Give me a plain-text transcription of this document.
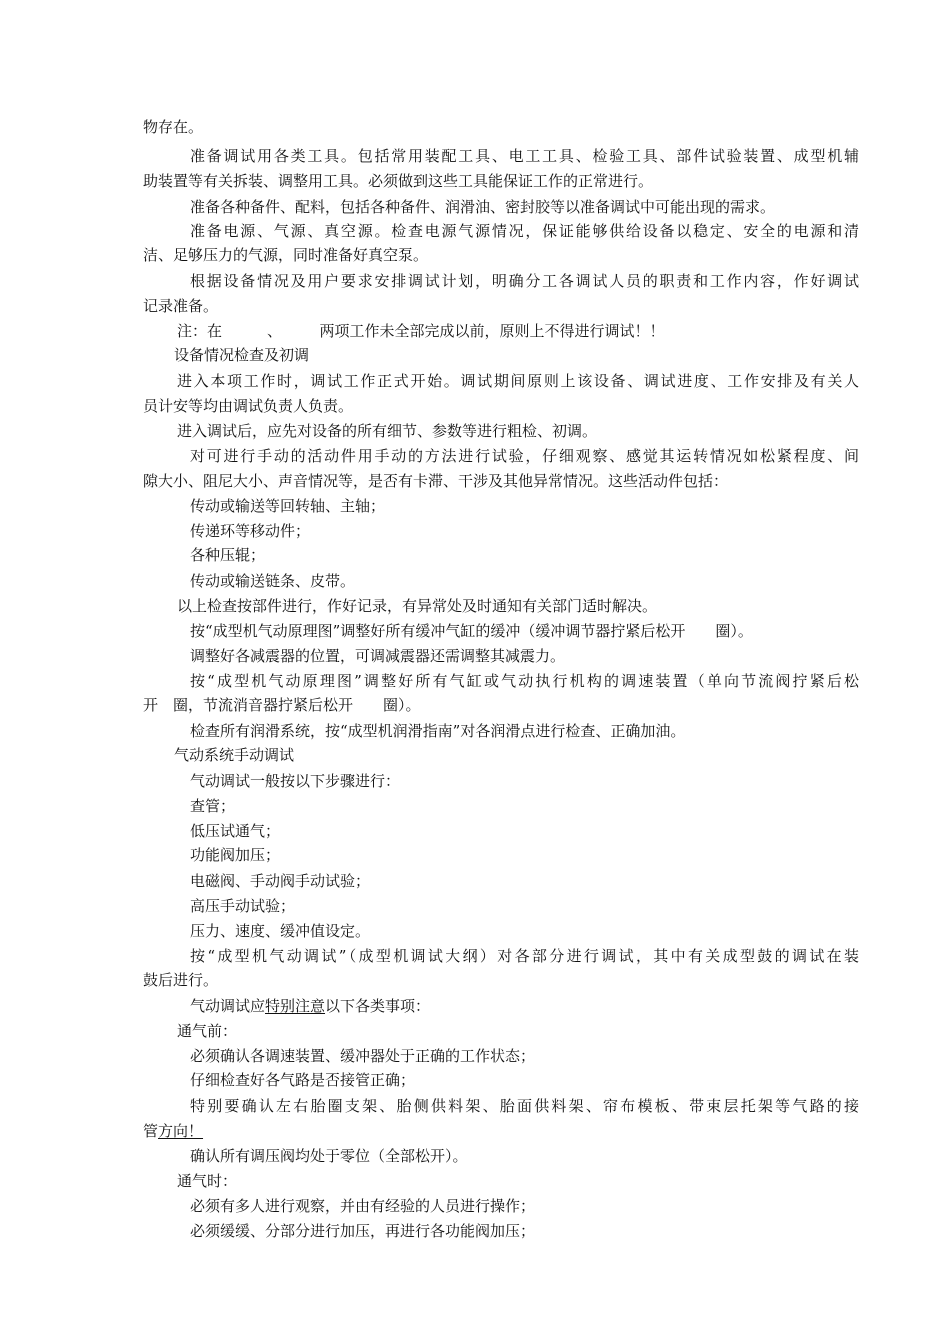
物存在。
准备调试用各类工具。包括常用装配工具、电工工具、检验工具、部件试验装置、成型机辅
助装置等有关拆装、调整用工具。必须做到这些工具能保证工作的正常进行。
准备各种备件、配料，包括各种备件、润滑油、密封胶等以准备调试中可能出现的需求。
准备电源、气源、真空源。检查电源气源情况，保证能够供给设备以稳定、安全的电源和清
洁、足够压力的气源，同时准备好真空泵。
根据设备情况及用户要求安排调试计划，明确分工各调试人员的职责和工作内容，作好调试
记录准备。
注：在　　　、　　　两项工作未全部完成以前，原则上不得进行调试！！
设备情况检查及初调
进入本项工作时，调试工作正式开始。调试期间原则上该设备、调试进度、工作安排及有关人
员计安等均由调试负责人负责。
进入调试后，应先对设备的所有细节、参数等进行粗检、初调。
对可进行手动的活动件用手动的方法进行试验，仔细观察、感觉其运转情况如松紧程度、间
隙大小、阻尼大小、声音情况等，是否有卡滞、干涉及其他异常情况。这些活动件包括：
传动或输送等回转轴、主轴；
传递环等移动件；
各种压辊；
传动或输送链条、皮带。
以上检查按部件进行，作好记录，有异常处及时通知有关部门适时解决。
按“成型机气动原理图”调整好所有缓冲气缸的缓冲（缓冲调节器拧紧后松开　　圈）。
调整好各减震器的位置，可调减震器还需调整其减震力。
按“成型机气动原理图”调整好所有气缸或气动执行机构的调速装置（单向节流阀拧紧后松
开　圈，节流消音器拧紧后松开　　圈）。
检查所有润滑系统，按“成型机润滑指南”对各润滑点进行检查、正确加油。
气动系统手动调试
气动调试一般按以下步骤进行：
查管；
低压试通气；
功能阀加压；
电磁阀、手动阀手动试验；
高压手动试验；
压力、速度、缓冲值设定。
按“成型机气动调试”（成型机调试大纲）对各部分进行调试，其中有关成型鼓的调试在装
鼓后进行。
气动调试应特别注意以下各类事项：
通气前：
必须确认各调速装置、缓冲器处于正确的工作状态；
仔细检查好各气路是否接管正确；
特别要确认左右胎圈支架、胎侧供料架、胎面供料架、帘布模板、带束层托架等气路的接
管方向！
确认所有调压阀均处于零位（全部松开）。
通气时：
必须有多人进行观察，并由有经验的人员进行操作；
必须缓缓、分部分进行加压，再进行各功能阀加压；
